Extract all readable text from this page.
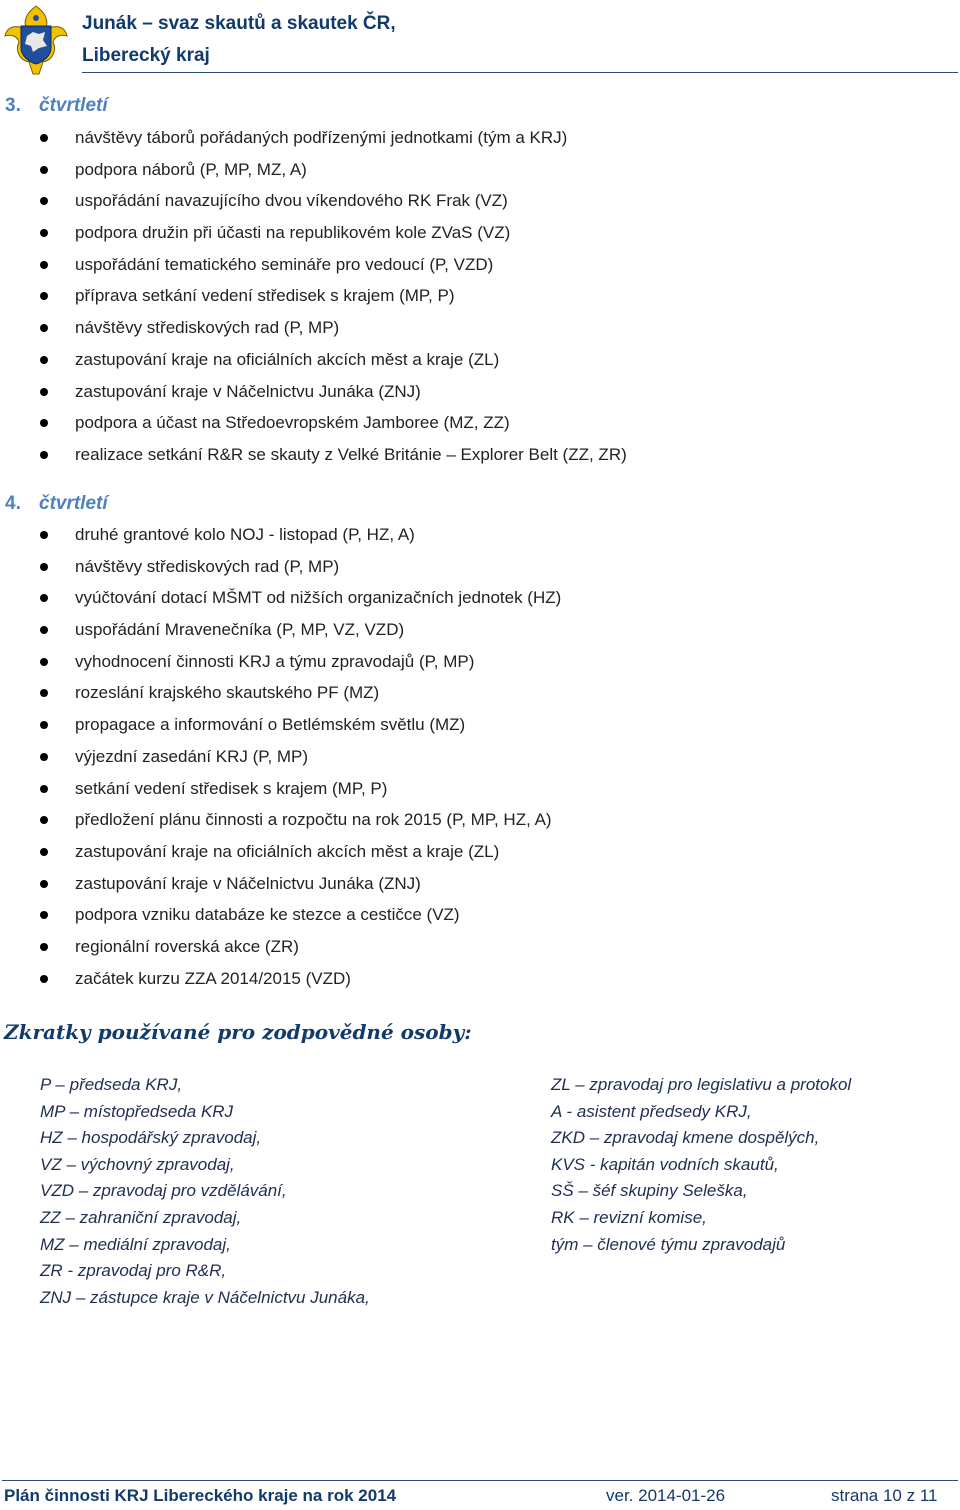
Junák – svaz skautů a skautek ČR,
Liberecký kraj
3. čtvrtletí
návštěvy táborů pořádaných podřízenými jednotkami (tým a KRJ)
podpora náborů (P, MP, MZ, A)
uspořádání navazujícího dvou víkendového RK Frak (VZ)
podpora družin při účasti na republikovém kole ZVaS (VZ)
uspořádání tematického semináře pro vedoucí (P, VZD)
příprava setkání vedení středisek s krajem (MP, P)
návštěvy střediskových rad (P, MP)
zastupování kraje na oficiálních akcích měst a kraje (ZL)
zastupování kraje v Náčelnictvu Junáka (ZNJ)
podpora a účast na Středoevropském Jamboree (MZ, ZZ)
realizace setkání R&R se skauty z Velké Británie – Explorer Belt (ZZ, ZR)
4. čtvrtletí
druhé grantové kolo NOJ - listopad (P, HZ, A)
návštěvy střediskových rad (P, MP)
vyúčtování dotací MŠMT od nižších organizačních jednotek (HZ)
uspořádání Mravenečníka (P, MP, VZ, VZD)
vyhodnocení činnosti KRJ a týmu zpravodajů (P, MP)
rozeslání krajského skautského PF (MZ)
propagace a informování o Betlémském světlu (MZ)
výjezdní zasedání KRJ (P, MP)
setkání vedení středisek s krajem (MP, P)
předložení plánu činnosti a rozpočtu na rok 2015 (P, MP, HZ, A)
zastupování kraje na oficiálních akcích měst a kraje (ZL)
zastupování kraje v Náčelnictvu Junáka (ZNJ)
podpora vzniku databáze ke stezce a cestičce (VZ)
regionální roverská akce (ZR)
začátek kurzu ZZA 2014/2015 (VZD)
Zkratky používané pro zodpovědné osoby:
P – předseda KRJ,
MP – místopředseda KRJ
HZ – hospodářský zpravodaj,
VZ – výchovný zpravodaj,
VZD – zpravodaj pro vzdělávání,
ZZ – zahraniční zpravodaj,
MZ – mediální zpravodaj,
ZR - zpravodaj pro R&R,
ZNJ – zástupce kraje v Náčelnictvu Junáka,
ZL – zpravodaj pro legislativu a protokol
A - asistent předsedy KRJ,
ZKD – zpravodaj kmene dospělých,
KVS - kapitán vodních skautů,
SŠ – šéf skupiny Seleška,
RK – revizní komise,
tým – členové týmu zpravodajů
Plán činnosti KRJ Libereckého kraje na rok 2014	ver. 2014-01-26	strana 10 z 11
